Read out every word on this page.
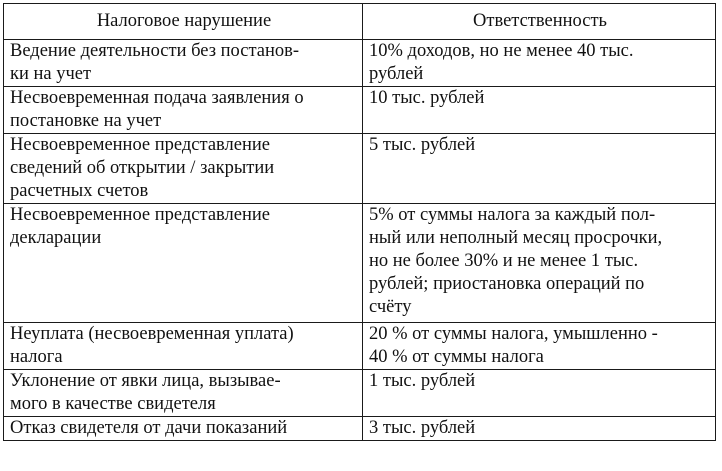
Налоговое нарушение	Ответственность

Ведение деятельности без постанов-
ки на учет	10% доходов, но не менее 40 тыс.
рублей

Несвоевременная подача заявления о
постановке на учет	10 тыс. рублей

Несвоевременное представление
сведений об открытии / закрытии
расчетных счетов	5 тыс. рублей

Несвоевременное представление
декларации	5% от суммы налога за каждый пол-
ный или неполный месяц просрочки,
но не более 30% и не менее 1 тыс.
рублей; приостановка операций по
счёту

Неуплата (несвоевременная уплата)
налога	20 % от суммы налога, умышленно -
40 % от суммы налога

Уклонение от явки лица, вызывае-
мого в качестве свидетеля	1 тыс. рублей

Отказ свидетеля от дачи показаний	3 тыс. рублей
